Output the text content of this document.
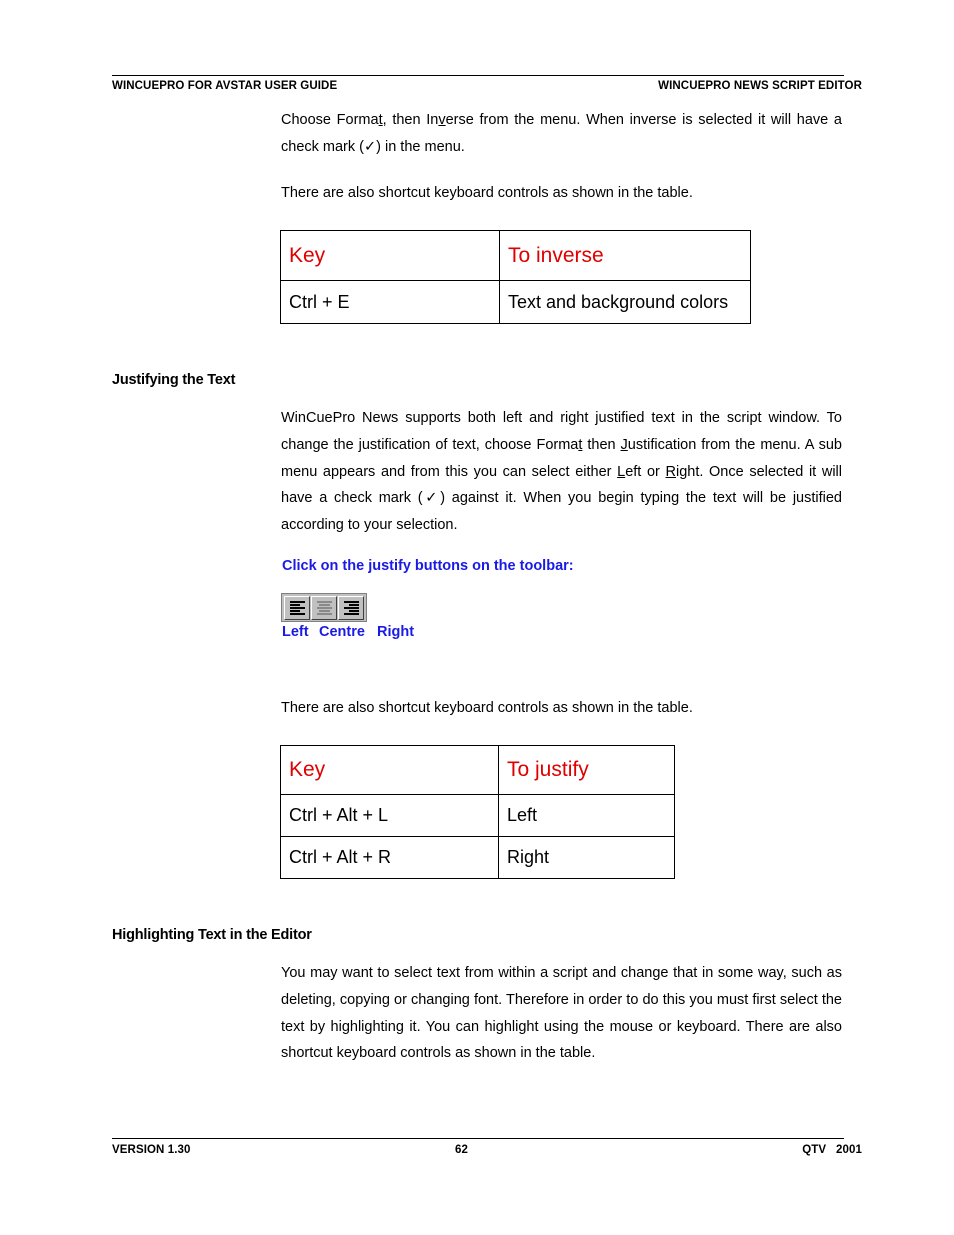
WINCUEPRO FOR AVSTAR USER GUIDE	WINCUEPRO NEWS SCRIPT EDITOR

Choose Format, then Inverse from the menu. When inverse is selected it will have a check mark (✓) in the menu.

There are also shortcut keyboard controls as shown in the table.
Key	To inverse
Ctrl + E	Text and background colors
Justifying the Text

WinCuePro News supports both left and right justified text in the script window. To change the justification of text, choose Format then Justification from the menu. A sub menu appears and from this you can select either Left or Right. Once selected it will have a check mark (✓) against it. When you begin typing the text will be justified according to your selection.

Click on the justify buttons on the toolbar:
Left Centre Right
There are also shortcut keyboard controls as shown in the table.
Key	To justify
Ctrl + Alt + L	Left
Ctrl + Alt + R	Right
Highlighting Text in the Editor
You may want to select text from within a script and change that in some way, such as deleting, copying or changing font. Therefore in order to do this you must first select the text by highlighting it. You can highlight using the mouse or keyboard. There are also shortcut keyboard controls as shown in the table.
VERSION 1.30	62	QTV   2001
